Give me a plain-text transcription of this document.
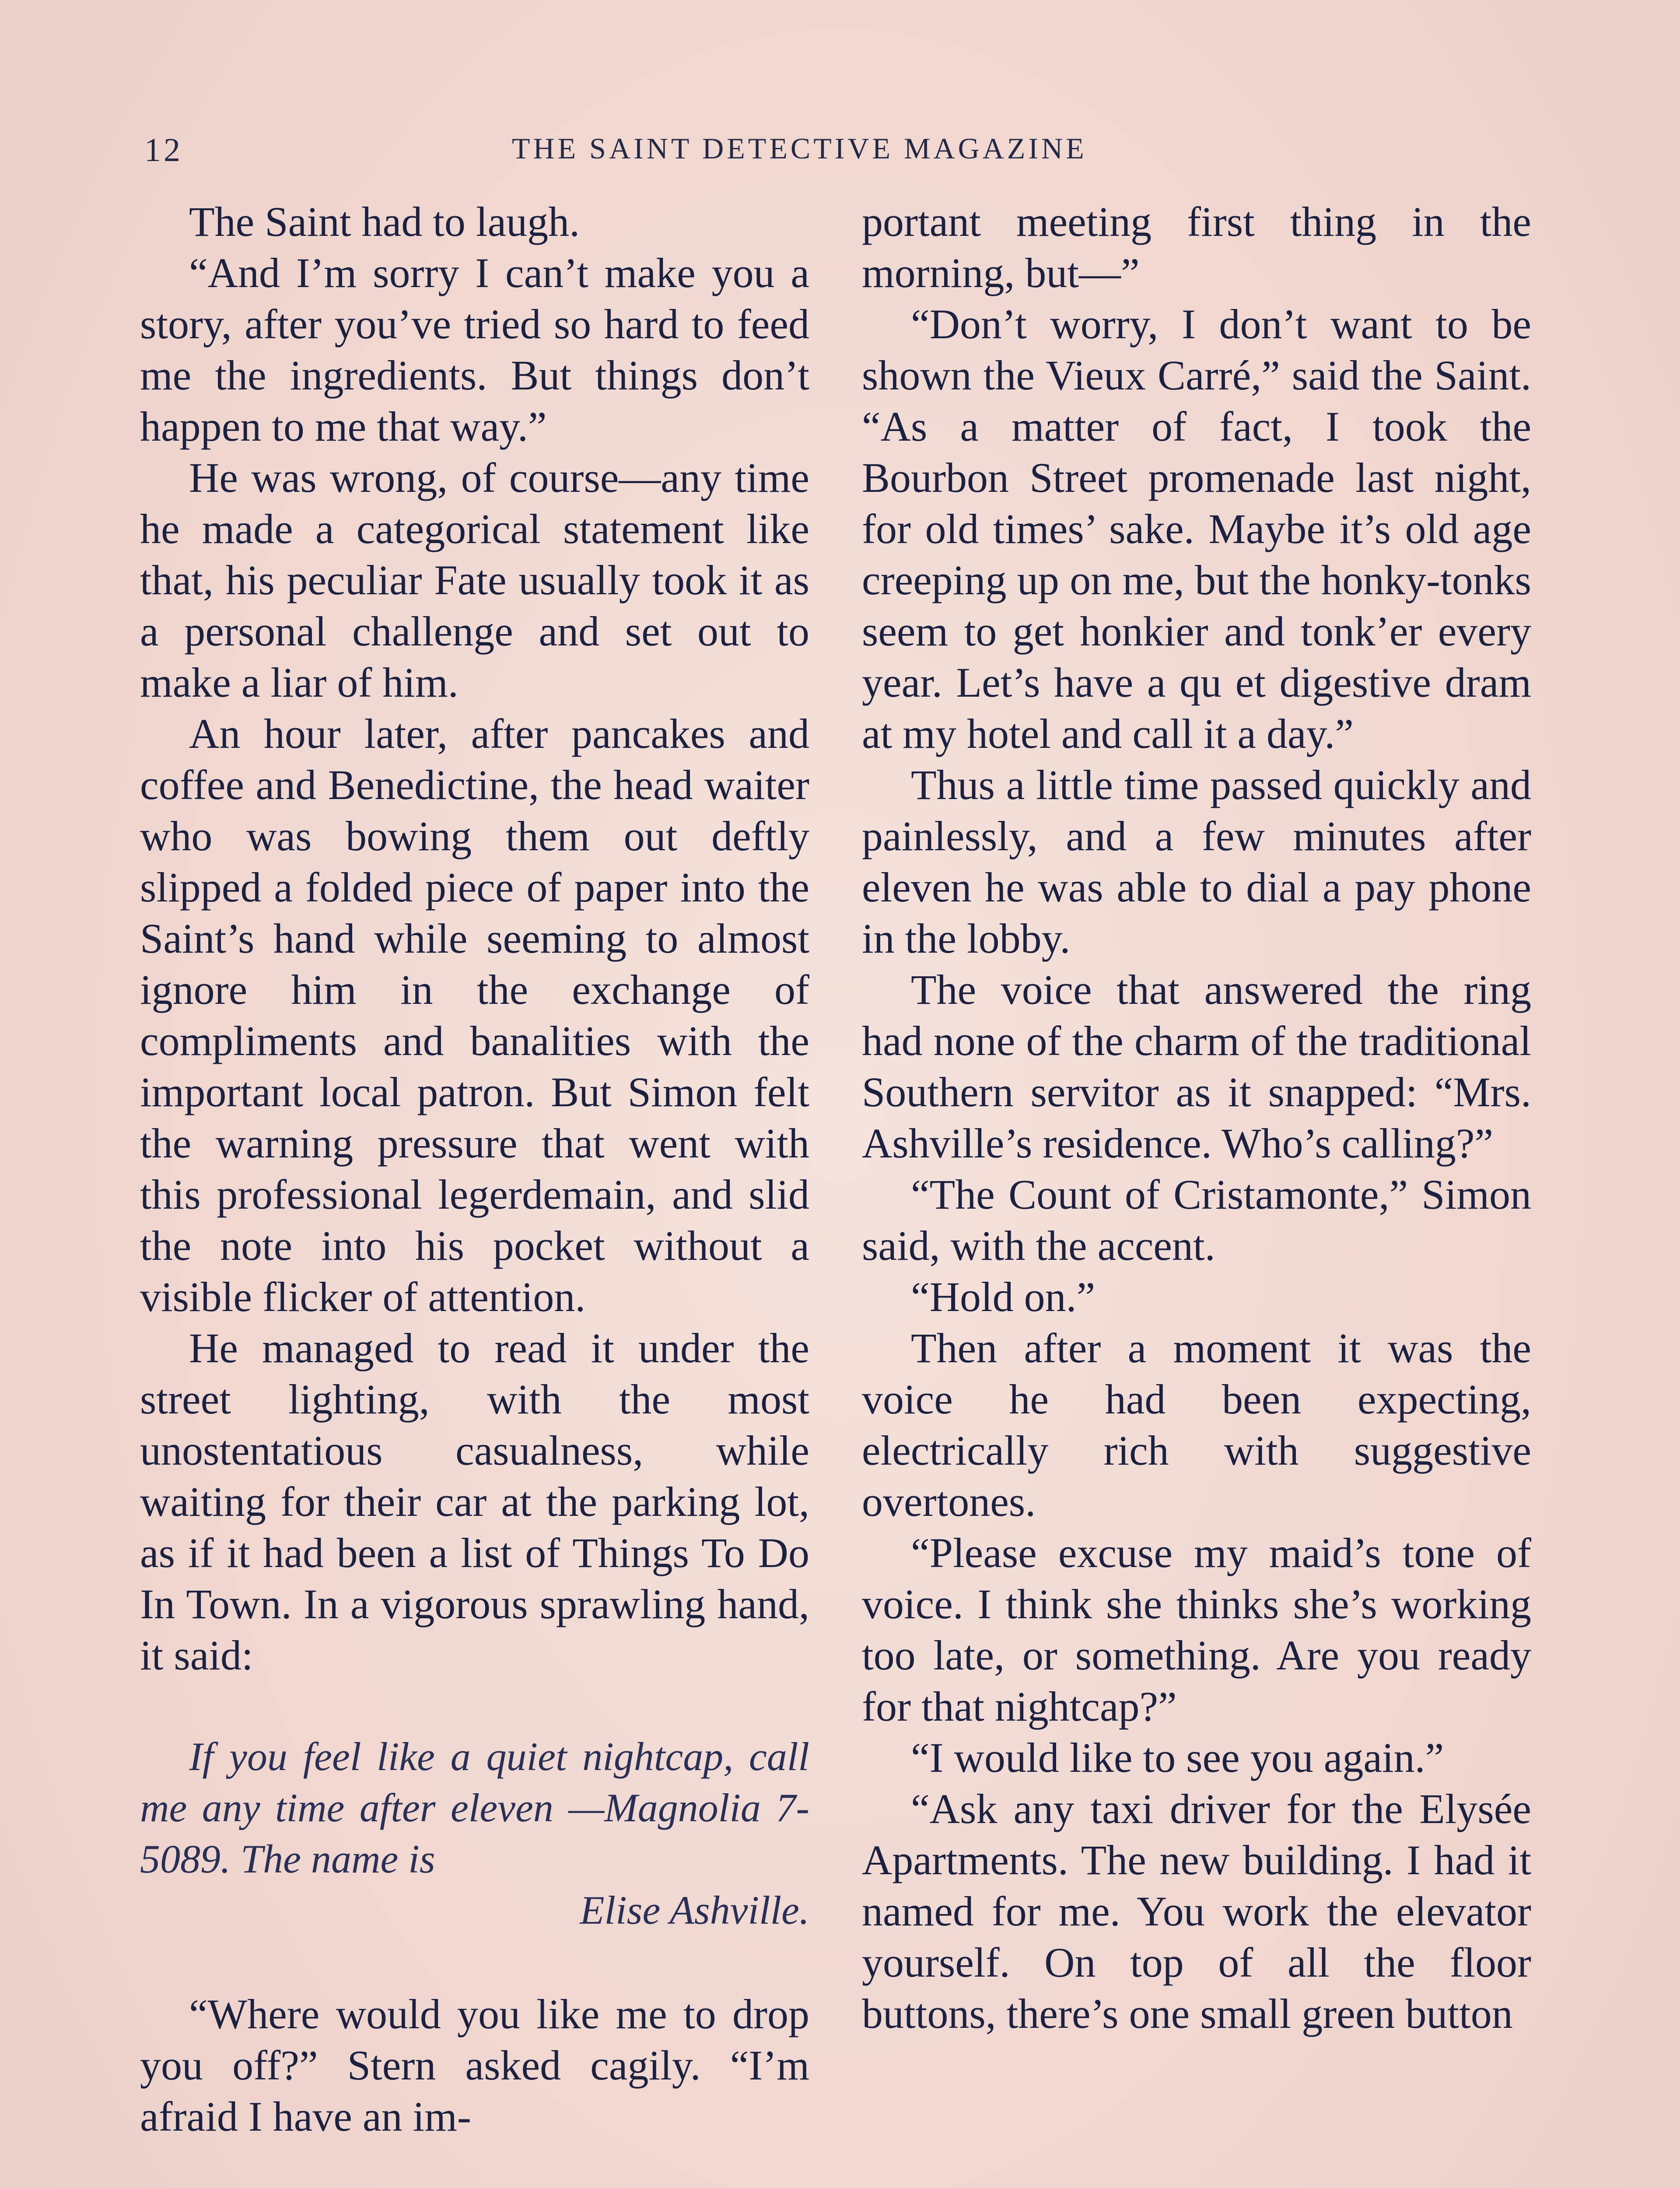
12	THE SAINT DETECTIVE MAGAZINE

The Saint had to laugh.

“And I’m sorry I can’t make you a story, after you’ve tried so hard to feed me the ingredients. But things don’t happen to me that way.”

He was wrong, of course—any time he made a categorical statement like that, his peculiar Fate usually took it as a personal challenge and set out to make a liar of him.

An hour later, after pancakes and coffee and Benedictine, the head waiter who was bowing them out deftly slipped a folded piece of paper into the Saint’s hand while seeming to almost ignore him in the exchange of compliments and banalities with the important local patron. But Simon felt the warning pressure that went with this professional legerdemain, and slid the note into his pocket without a visible flicker of attention.

He managed to read it under the street lighting, with the most unostentatious casualness, while waiting for their car at the parking lot, as if it had been a list of Things To Do In Town. In a vigorous sprawling hand, it said:

If you feel like a quiet nightcap, call me any time after eleven —Magnolia 7-5089. The name is

Elise Ashville.

“Where would you like me to drop you off?” Stern asked cagily. “I’m afraid I have an im-

portant meeting first thing in the morning, but—”

“Don’t worry, I don’t want to be shown the Vieux Carré,” said the Saint. “As a matter of fact, I took the Bourbon Street promenade last night, for old times’ sake. Maybe it’s old age creeping up on me, but the honky-tonks seem to get honkier and tonk’er every year. Let’s have a qu et digestive dram at my hotel and call it a day.”

Thus a little time passed quickly and painlessly, and a few minutes after eleven he was able to dial a pay phone in the lobby.

The voice that answered the ring had none of the charm of the traditional Southern servitor as it snapped: “Mrs. Ashville’s residence. Who’s calling?”

“The Count of Cristamonte,” Simon said, with the accent.

“Hold on.”

Then after a moment it was the voice he had been expecting, electrically rich with suggestive overtones.

“Please excuse my maid’s tone of voice. I think she thinks she’s working too late, or something. Are you ready for that nightcap?”

“I would like to see you again.”

“Ask any taxi driver for the Elysée Apartments. The new building. I had it named for me. You work the elevator yourself. On top of all the floor buttons, there’s one small green button
